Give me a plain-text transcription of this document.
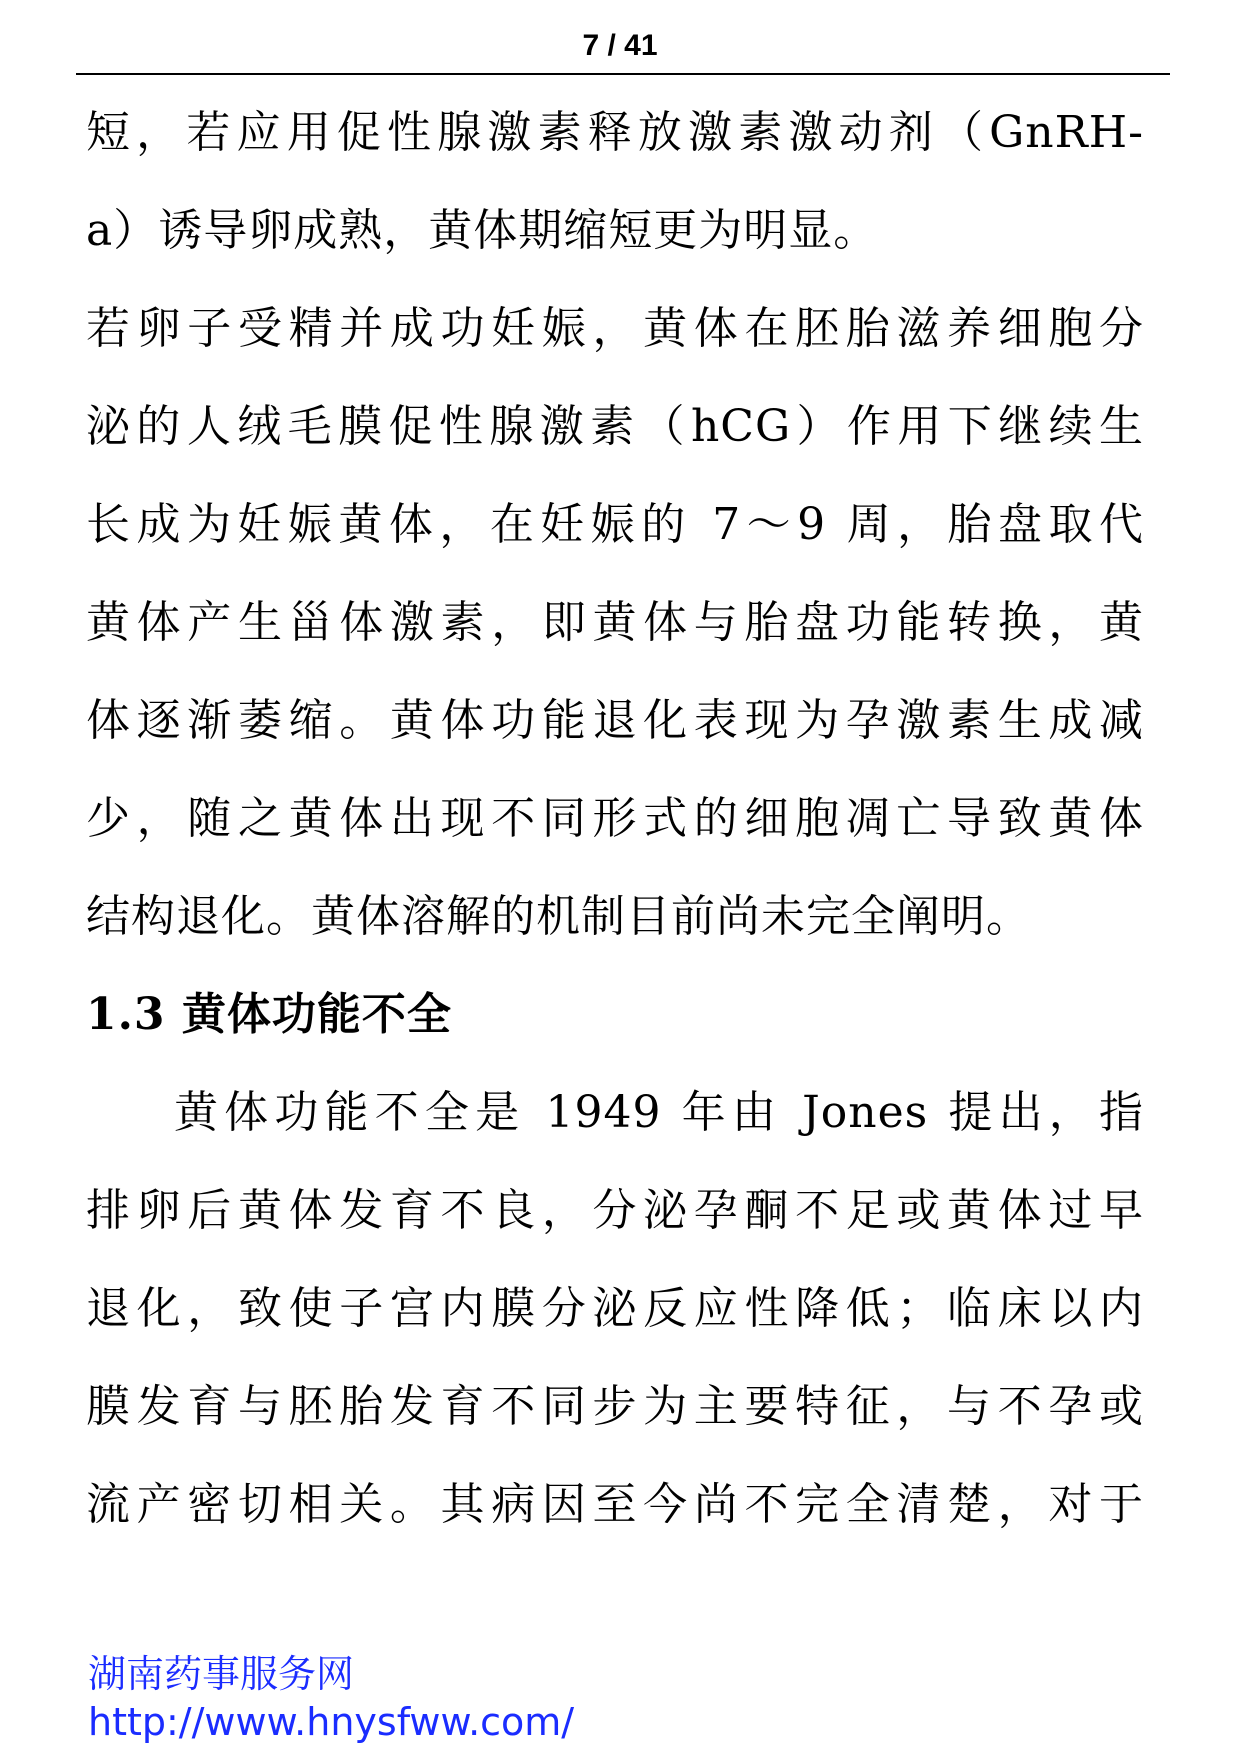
7 / 41
短，若应用促性腺激素释放激素激动剂（GnRH-
a）诱导卵成熟，黄体期缩短更为明显。
若卵子受精并成功妊娠，黄体在胚胎滋养细胞分
泌的人绒毛膜促性腺激素（hCG）作用下继续生
长成为妊娠黄体，在妊娠的 7～9 周，胎盘取代
黄体产生甾体激素，即黄体与胎盘功能转换，黄
体逐渐萎缩。黄体功能退化表现为孕激素生成减
少，随之黄体出现不同形式的细胞凋亡导致黄体
结构退化。黄体溶解的机制目前尚未完全阐明。
1.3 黄体功能不全
黄体功能不全是 1949 年由 Jones 提出，指
排卵后黄体发育不良，分泌孕酮不足或黄体过早
退化，致使子宫内膜分泌反应性降低；临床以内
膜发育与胚胎发育不同步为主要特征，与不孕或
流产密切相关。其病因至今尚不完全清楚，对于
湖南药事服务网
http://www.hnysfww.com/
